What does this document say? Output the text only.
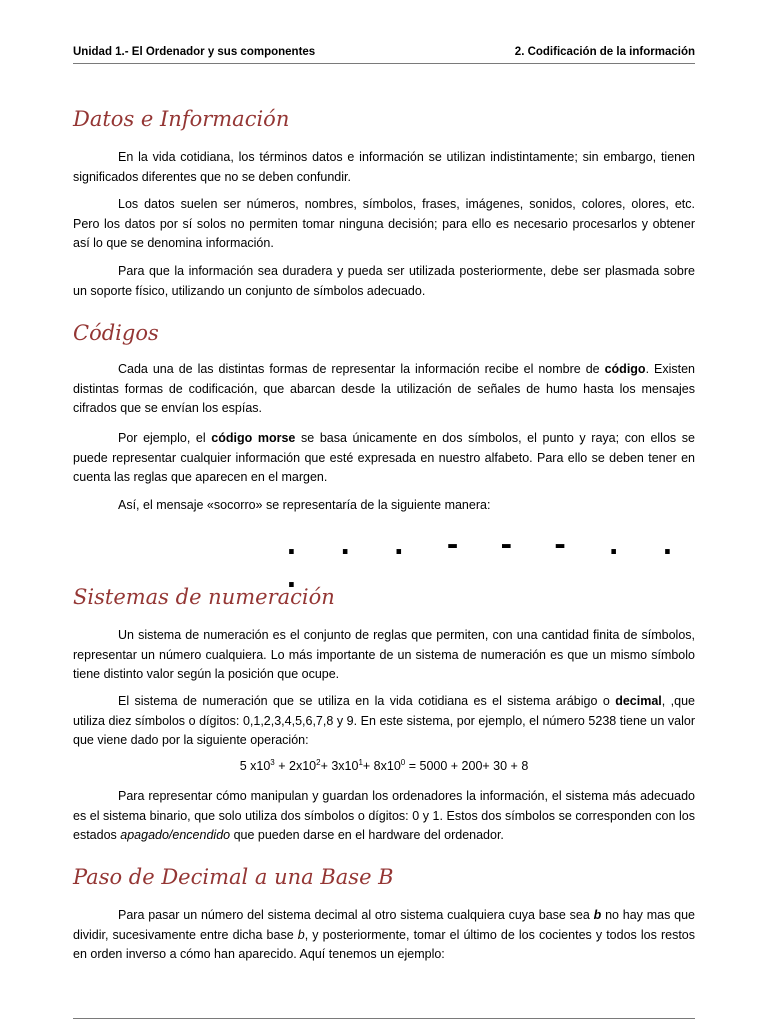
Unidad 1.- El Ordenador y sus componentes	2. Codificación de la información
Datos e Información

En la vida cotidiana, los términos datos e información se utilizan indistintamente; sin embargo, tienen significados diferentes que no se deben confundir.

Los datos suelen ser números, nombres, símbolos, frases, imágenes, sonidos, colores, olores, etc. Pero los datos por sí solos no permiten tomar ninguna decisión; para ello es necesario procesarlos y obtener así lo que se denomina información.

Para que la información sea duradera y pueda ser utilizada posteriormente, debe ser plasmada sobre un soporte físico, utilizando un conjunto de símbolos adecuado.

Códigos

Cada una de las distintas formas de representar la información recibe el nombre de código. Existen distintas formas de codificación, que abarcan desde la utilización de señales de humo hasta los mensajes cifrados que se envían los espías.

Por ejemplo, el código morse se basa únicamente en dos símbolos, el punto y raya; con ellos se puede representar cualquier información que esté expresada en nuestro alfabeto. Para ello se deben tener en cuenta las reglas que aparecen en el margen.

Así, el mensaje «socorro» se representaría de la siguiente manera:

. . . - - - . . .
Sistemas de numeración

Un sistema de numeración es el conjunto de reglas que permiten, con una cantidad finita de símbolos, representar un número cualquiera. Lo más importante de un sistema de numeración es que un mismo símbolo tiene distinto valor según la posición que ocupe.

El sistema de numeración que se utiliza en la vida cotidiana es el sistema arábigo o decimal, ,que utiliza diez símbolos o dígitos: 0,1,2,3,4,5,6,7,8 y 9. En este sistema, por ejemplo, el número 5238 tiene un valor que viene dado por la siguiente operación:

5 $x10^3 + 2x10^2+ 3x10^1+ 8x10^0 = 5000 + 200+ 30 + 8$

Para representar cómo manipulan y guardan los ordenadores la información, el sistema más adecuado es el sistema binario, que solo utiliza dos símbolos o dígitos: 0 y 1. Estos dos símbolos se corresponden con los estados apagado/encendido que pueden darse en el hardware del ordenador.

Paso de Decimal a una Base B

Para pasar un número del sistema decimal al otro sistema cualquiera cuya base sea b no hay mas que dividir, sucesivamente entre dicha base b, y posteriormente, tomar el último de los cocientes y todos los restos en orden inverso a cómo han aparecido. Aquí tenemos un ejemplo:
